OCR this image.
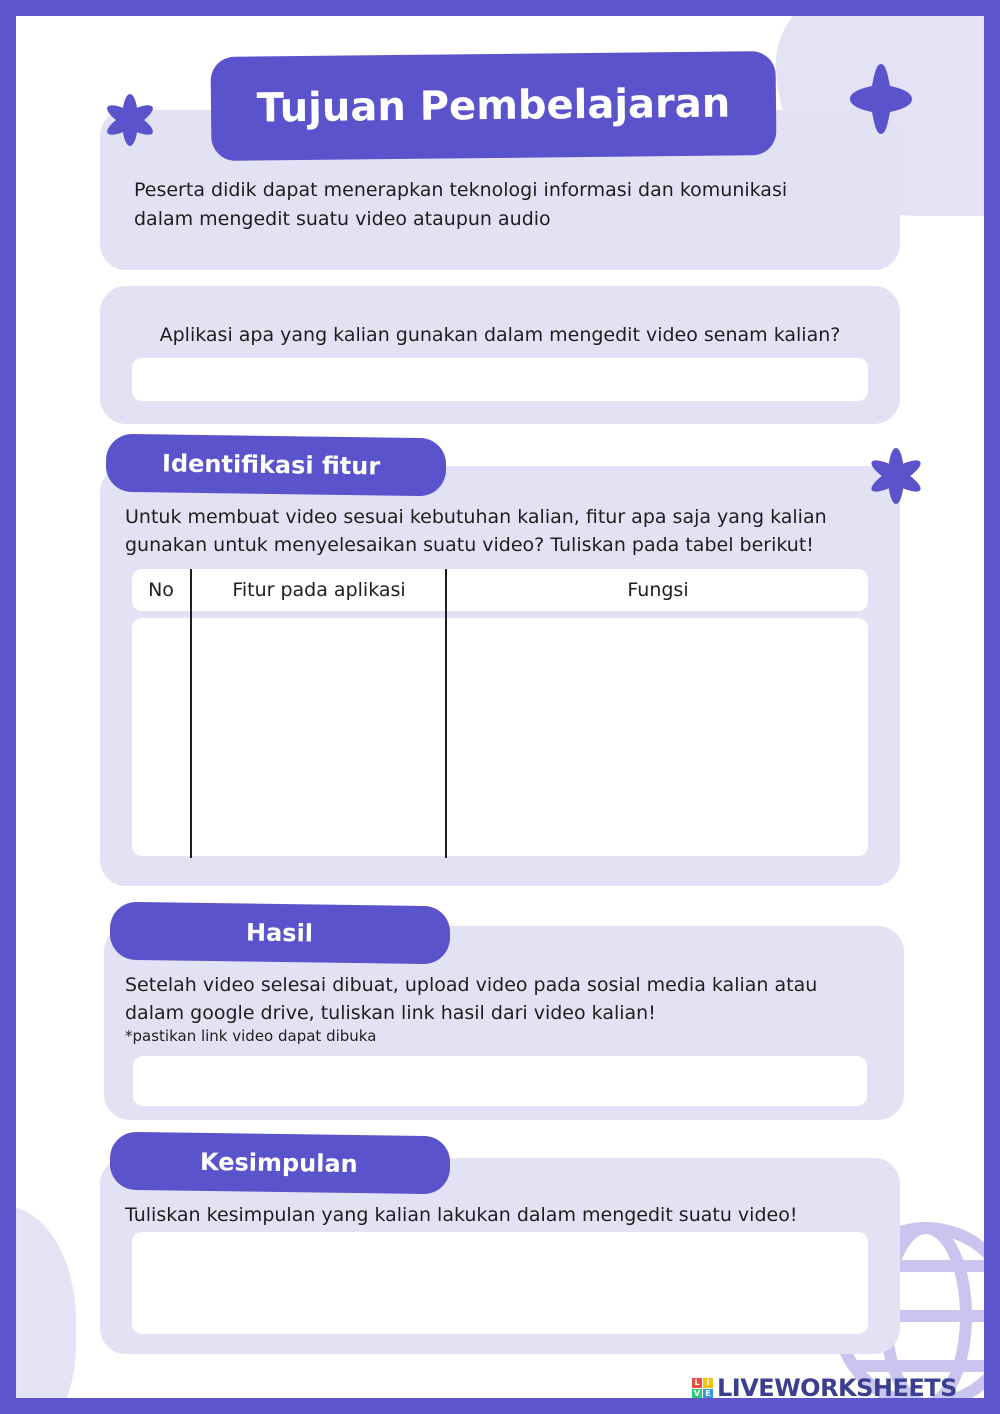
Tujuan Pembelajaran
Peserta didik dapat menerapkan teknologi informasi dan komunikasi
dalam mengedit suatu video ataupun audio
Aplikasi apa yang kalian gunakan dalam mengedit video senam kalian?
Identifikasi fitur
Untuk membuat video sesuai kebutuhan kalian, fitur apa saja yang kalian
gunakan untuk menyelesaikan suatu video? Tuliskan pada tabel berikut!
No	Fitur pada aplikasi	Fungsi
Hasil
Setelah video selesai dibuat, upload video pada sosial media kalian atau
dalam google drive, tuliskan link hasil dari video kalian!
*pastikan link video dapat dibuka
Kesimpulan
Tuliskan kesimpulan yang kalian lakukan dalam mengedit suatu video!
L I
V E LIVEWORKSHEETS
